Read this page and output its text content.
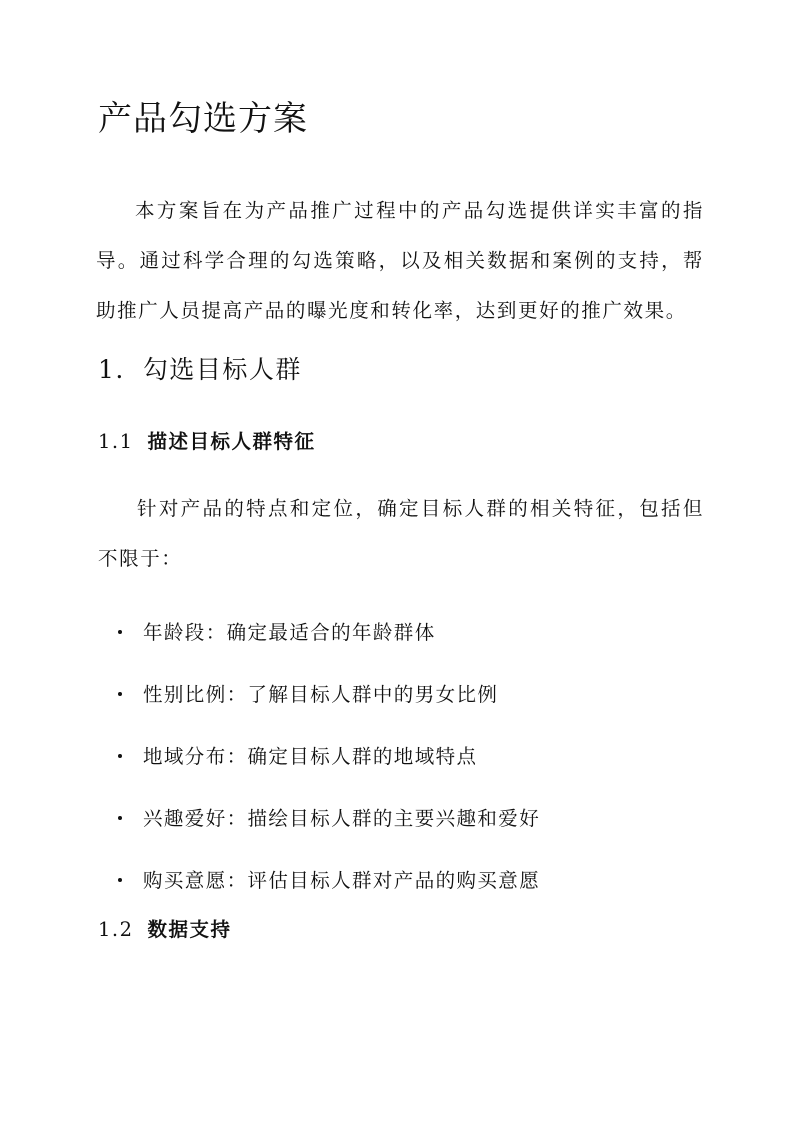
产品勾选方案

本方案旨在为产品推广过程中的产品勾选提供详实丰富的指导。通过科学合理的勾选策略，以及相关数据和案例的支持，帮助推广人员提高产品的曝光度和转化率，达到更好的推广效果。

1. 勾选目标人群
1.1 描述目标人群特征

针对产品的特点和定位，确定目标人群的相关特征，包括但不限于：

年龄段：确定最适合的年龄群体
性别比例：了解目标人群中的男女比例
地域分布：确定目标人群的地域特点
兴趣爱好：描绘目标人群的主要兴趣和爱好
购买意愿：评估目标人群对产品的购买意愿
1.2 数据支持
